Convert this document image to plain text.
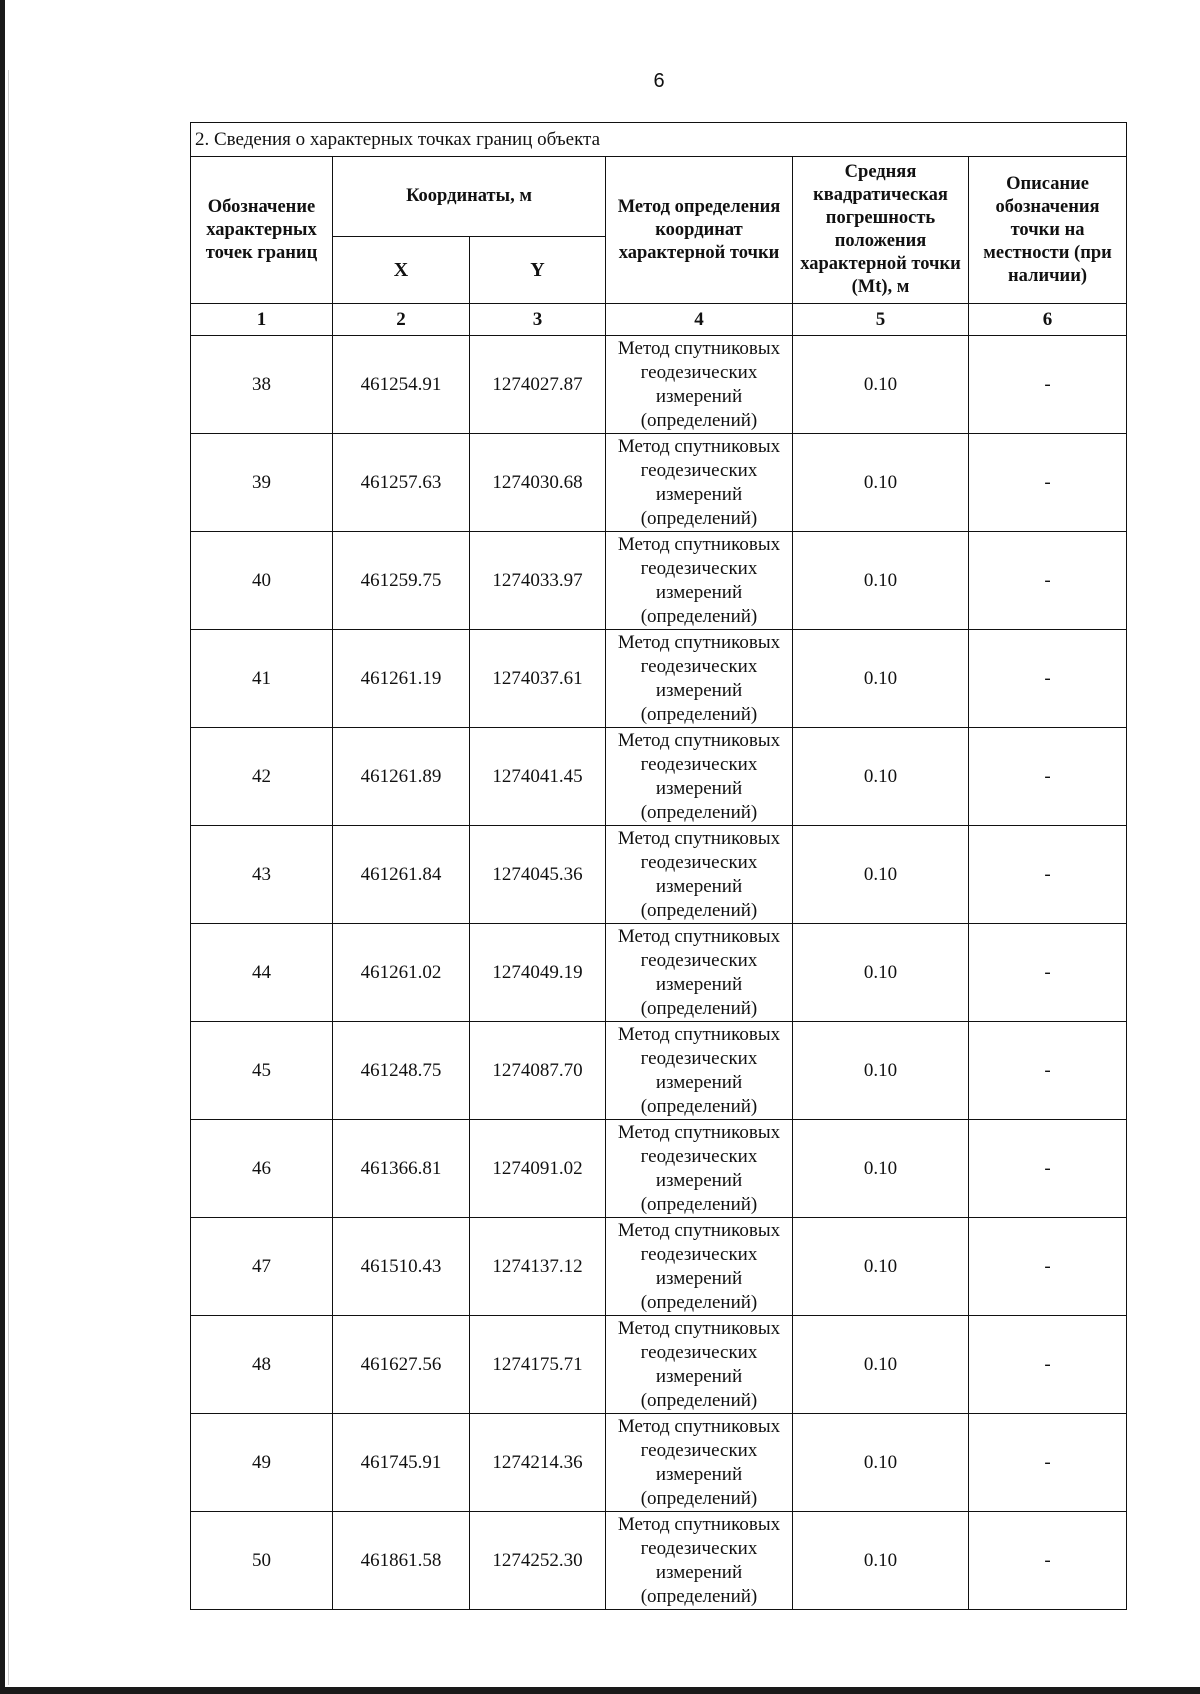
6
2. Сведения о характерных точках границ объекта					
Обозначение характерных точек границ	Координаты, м		Метод определения координат характерной точки	Средняя квадратическая погрешность положения характерной точки (Mt), м	Описание обозначения точки на местности (при наличии)
	X	Y			
1	2	3	4	5	6
38	461254.91	1274027.87	Метод спутниковых геодезических измерений (определений)	0.10	-
39	461257.63	1274030.68	Метод спутниковых геодезических измерений (определений)	0.10	-
40	461259.75	1274033.97	Метод спутниковых геодезических измерений (определений)	0.10	-
41	461261.19	1274037.61	Метод спутниковых геодезических измерений (определений)	0.10	-
42	461261.89	1274041.45	Метод спутниковых геодезических измерений (определений)	0.10	-
43	461261.84	1274045.36	Метод спутниковых геодезических измерений (определений)	0.10	-
44	461261.02	1274049.19	Метод спутниковых геодезических измерений (определений)	0.10	-
45	461248.75	1274087.70	Метод спутниковых геодезических измерений (определений)	0.10	-
46	461366.81	1274091.02	Метод спутниковых геодезических измерений (определений)	0.10	-
47	461510.43	1274137.12	Метод спутниковых геодезических измерений (определений)	0.10	-
48	461627.56	1274175.71	Метод спутниковых геодезических измерений (определений)	0.10	-
49	461745.91	1274214.36	Метод спутниковых геодезических измерений (определений)	0.10	-
50	461861.58	1274252.30	Метод спутниковых геодезических измерений (определений)	0.10	-
